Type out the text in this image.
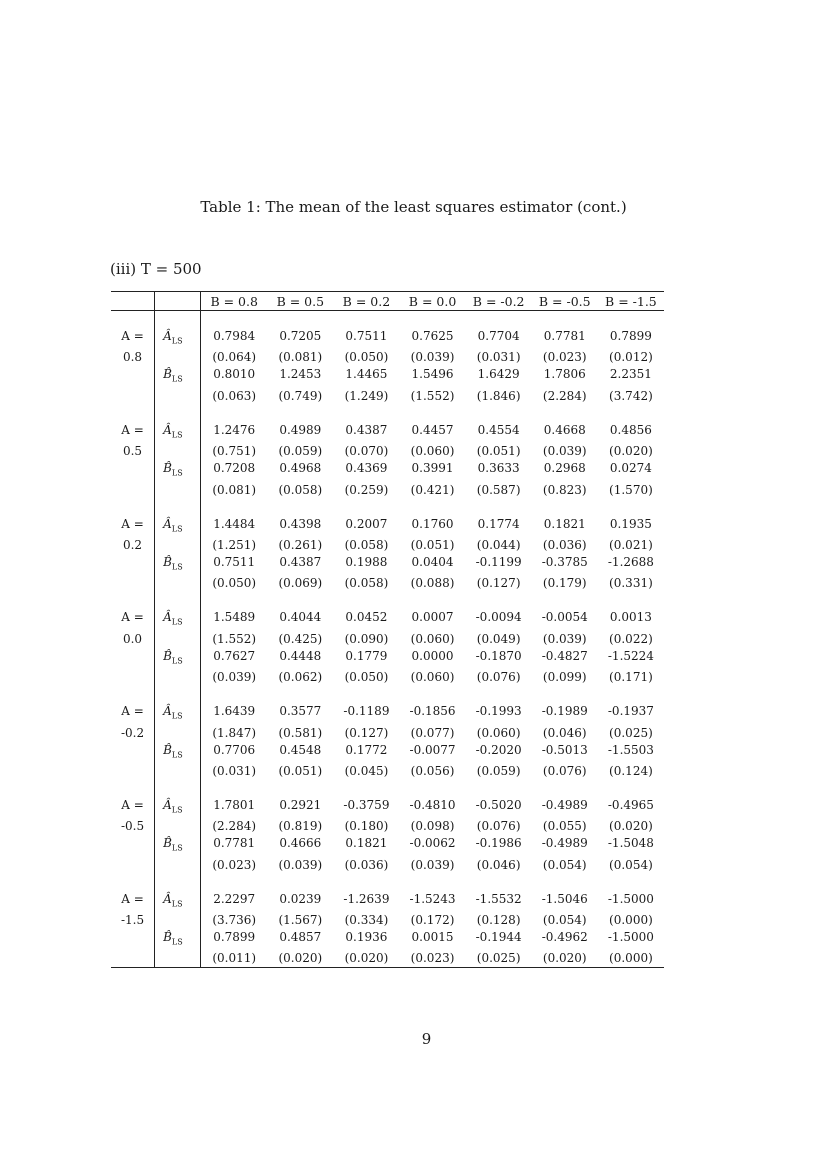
Table 1: The mean of the least squares estimator (cont.)
(iii) T = 500
		B = 0.8	B = 0.5	B = 0.2	B = 0.0	B = -0.2	B = -0.5	B = -1.5

A =	$Â_{LS}$	0.7984	0.7205	0.7511	0.7625	0.7704	0.7781	0.7899

0.8		(0.064)	(0.081)	(0.050)	(0.039)	(0.031)	(0.023)	(0.012)

	$B̂_{LS}$	0.8010	1.2453	1.4465	1.5496	1.6429	1.7806	2.2351
		(0.063)	(0.749)	(1.249)	(1.552)	(1.846)	(2.284)	(3.742)

A =	$Â_{LS}$	1.2476	0.4989	0.4387	0.4457	0.4554	0.4668	0.4856

0.5		(0.751)	(0.059)	(0.070)	(0.060)	(0.051)	(0.039)	(0.020)

	$B̂_{LS}$	0.7208	0.4968	0.4369	0.3991	0.3633	0.2968	0.0274
		(0.081)	(0.058)	(0.259)	(0.421)	(0.587)	(0.823)	(1.570)

A =	$Â_{LS}$	1.4484	0.4398	0.2007	0.1760	0.1774	0.1821	0.1935

0.2		(1.251)	(0.261)	(0.058)	(0.051)	(0.044)	(0.036)	(0.021)

	$B̂_{LS}$	0.7511	0.4387	0.1988	0.0404	-0.1199	-0.3785	-1.2688
		(0.050)	(0.069)	(0.058)	(0.088)	(0.127)	(0.179)	(0.331)

A =	$Â_{LS}$	1.5489	0.4044	0.0452	0.0007	-0.0094	-0.0054	0.0013

0.0		(1.552)	(0.425)	(0.090)	(0.060)	(0.049)	(0.039)	(0.022)

	$B̂_{LS}$	0.7627	0.4448	0.1779	0.0000	-0.1870	-0.4827	-1.5224
		(0.039)	(0.062)	(0.050)	(0.060)	(0.076)	(0.099)	(0.171)

A =	$Â_{LS}$	1.6439	0.3577	-0.1189	-0.1856	-0.1993	-0.1989	-0.1937

-0.2		(1.847)	(0.581)	(0.127)	(0.077)	(0.060)	(0.046)	(0.025)

	$B̂_{LS}$	0.7706	0.4548	0.1772	-0.0077	-0.2020	-0.5013	-1.5503
		(0.031)	(0.051)	(0.045)	(0.056)	(0.059)	(0.076)	(0.124)

A =	$Â_{LS}$	1.7801	0.2921	-0.3759	-0.4810	-0.5020	-0.4989	-0.4965

-0.5		(2.284)	(0.819)	(0.180)	(0.098)	(0.076)	(0.055)	(0.020)

	$B̂_{LS}$	0.7781	0.4666	0.1821	-0.0062	-0.1986	-0.4989	-1.5048
		(0.023)	(0.039)	(0.036)	(0.039)	(0.046)	(0.054)	(0.054)

A =	$Â_{LS}$	2.2297	0.0239	-1.2639	-1.5243	-1.5532	-1.5046	-1.5000

-1.5		(3.736)	(1.567)	(0.334)	(0.172)	(0.128)	(0.054)	(0.000)

	$B̂_{LS}$	0.7899	0.4857	0.1936	0.0015	-0.1944	-0.4962	-1.5000
		(0.011)	(0.020)	(0.020)	(0.023)	(0.025)	(0.020)	(0.000)
9
